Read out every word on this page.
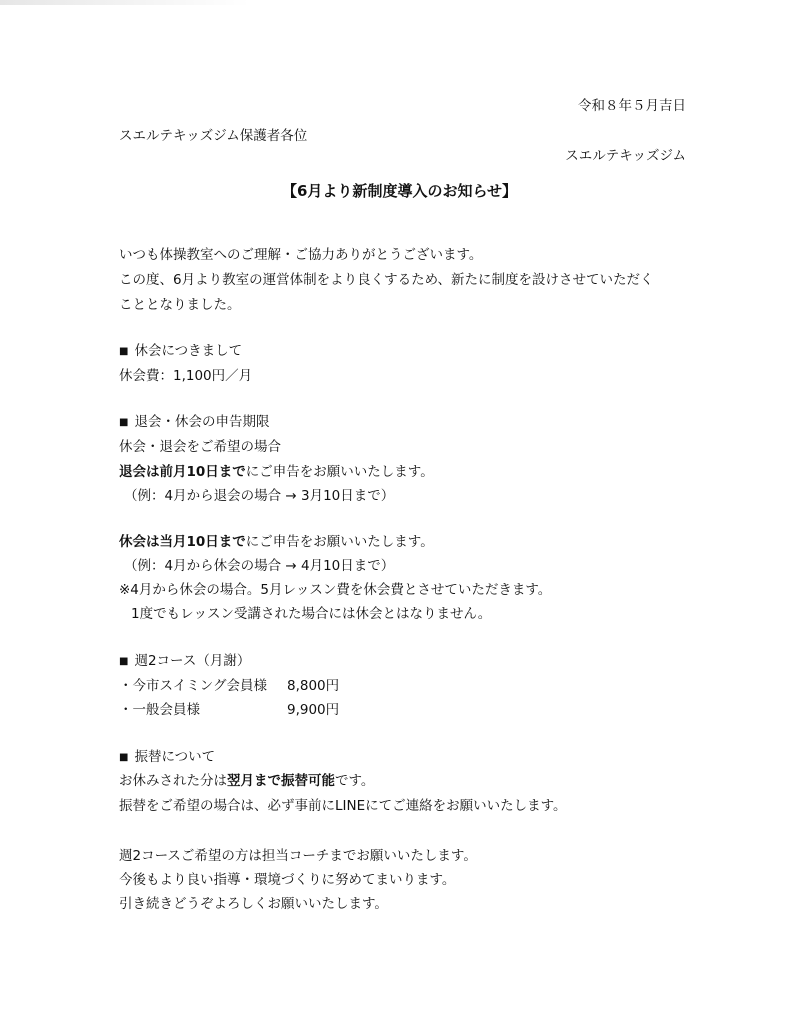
令和８年５月吉日
スエルテキッズジム保護者各位
スエルテキッズジム
【6月より新制度導入のお知らせ】
いつも体操教室へのご理解・ご協力ありがとうございます。
この度、6月より教室の運営体制をより良くするため、新たに制度を設けさせていただく
こととなりました。
■ 休会につきまして
休会費：1,100円／月
■ 退会・休会の申告期限
休会・退会をご希望の場合
退会は前月10日までにご申告をお願いいたします。
（例：4月から退会の場合 → 3月10日まで）
休会は当月10日までにご申告をお願いいたします。
（例：4月から休会の場合 → 4月10日まで）
※4月から休会の場合。5月レッスン費を休会費とさせていただきます。
1度でもレッスン受講された場合には休会とはなりません。
■ 週2コース（月謝）
・今市スイミング会員様 8,800円
・一般会員様	9,900円
■ 振替について
お休みされた分は翌月まで振替可能です。
振替をご希望の場合は、必ず事前にLINEにてご連絡をお願いいたします。
週2コースご希望の方は担当コーチまでお願いいたします。
今後もより良い指導・環境づくりに努めてまいります。
引き続きどうぞよろしくお願いいたします。
